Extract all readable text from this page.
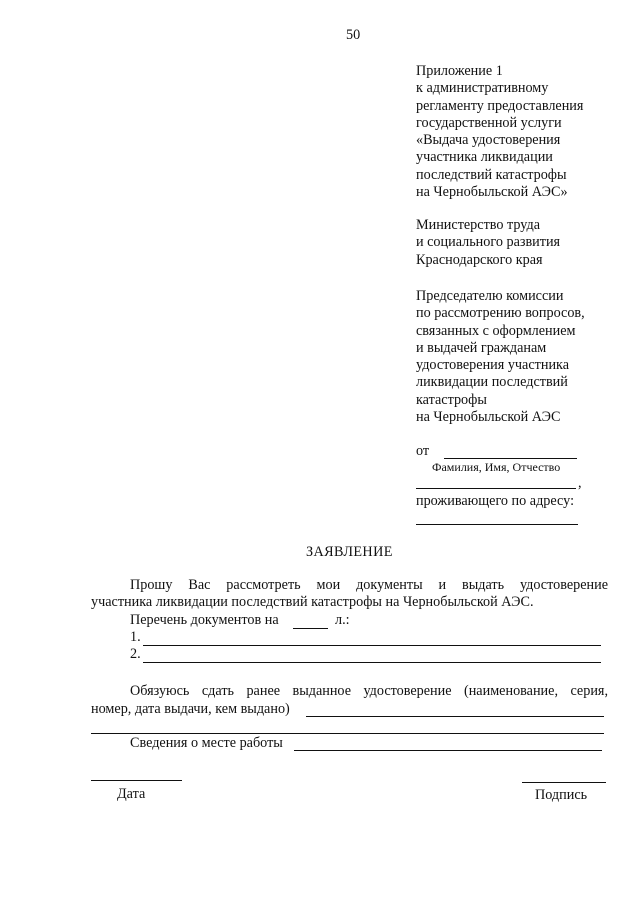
50
Приложение 1
к административному
регламенту предоставления
государственной услуги
«Выдача удостоверения
участника ликвидации
последствий катастрофы
на Чернобыльской АЭС»
Министерство труда
и социального развития
Краснодарского края
Председателю комиссии
по рассмотрению вопросов,
связанных с оформлением
и выдачей гражданам
удостоверения участника
ликвидации последствий
катастрофы
на Чернобыльской АЭС
от
Фамилия, Имя, Отчество
,
проживающего по адресу:
ЗАЯВЛЕНИЕ
Прошу Вас рассмотреть мои документы и выдать удостоверение
участника ликвидации последствий катастрофы на Чернобыльской АЭС.
Перечень документов на	л.:
1.
2.
Обязуюсь сдать ранее выданное удостоверение (наименование, серия,
номер, дата выдачи, кем выдано)
Сведения о месте работы
Дата	Подпись
